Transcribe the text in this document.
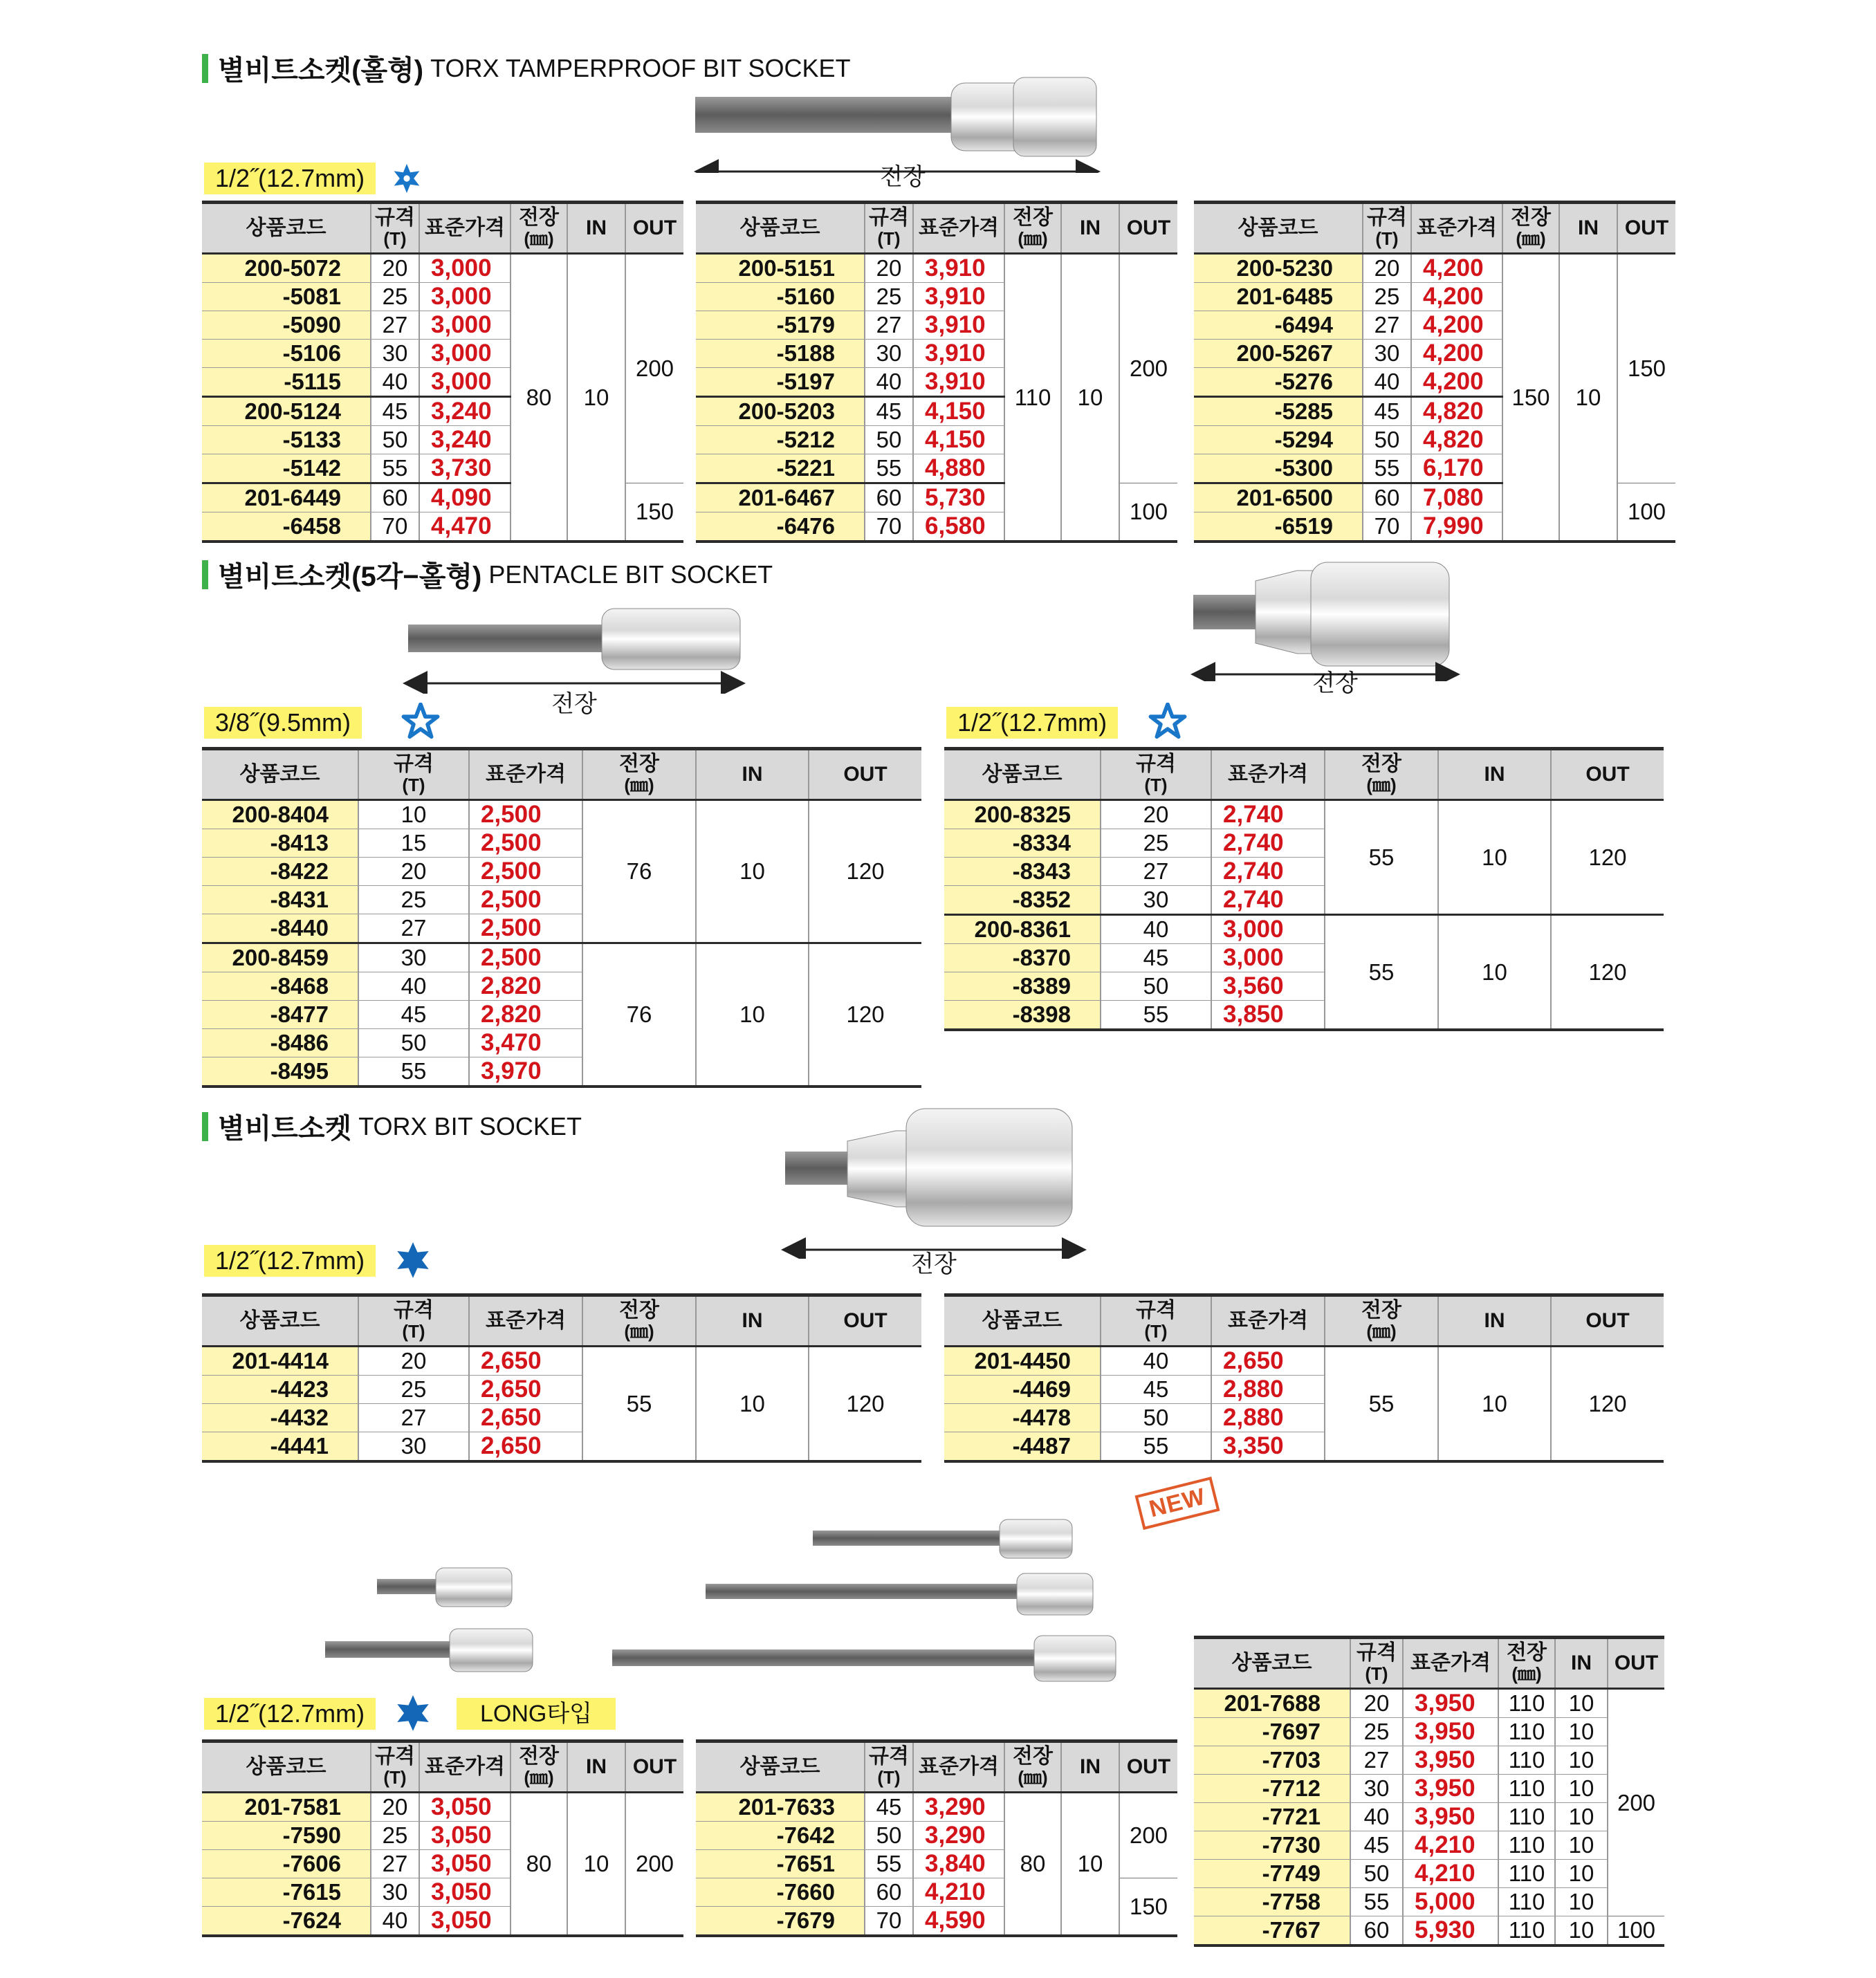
별비트소켓(홀형) TORX TAMPERPROOF BIT SOCKET
전장
1/2˝(12.7mm)
상품코드	규격
(T)	표준가격	전장
(㎜)	IN	OUT
200-5072	20	3,000	80	10	200
-5081	25	3,000			
-5090	27	3,000			
-5106	30	3,000			
-5115	40	3,000			
200-5124	45	3,240			
-5133	50	3,240			
-5142	55	3,730			
201-6449	60	4,090			150
-6458	70	4,470			
상품코드	규격
(T)	표준가격	전장
(㎜)	IN	OUT
200-5151	20	3,910	110	10	200
-5160	25	3,910			
-5179	27	3,910			
-5188	30	3,910			
-5197	40	3,910			
200-5203	45	4,150			
-5212	50	4,150			
-5221	55	4,880			
201-6467	60	5,730			100
-6476	70	6,580			
상품코드	규격
(T)	표준가격	전장
(㎜)	IN	OUT
200-5230	20	4,200	150	10	150
201-6485	25	4,200			
-6494	27	4,200			
200-5267	30	4,200			
-5276	40	4,200			
-5285	45	4,820			
-5294	50	4,820			
-5300	55	6,170			
201-6500	60	7,080			100
-6519	70	7,990			
별비트소켓(5각−홀형) PENTACLE BIT SOCKET
전장
전장
3/8˝(9.5mm)	1/2˝(12.7mm)
상품코드	규격
(T)	표준가격	전장
(㎜)	IN	OUT
200-8404	10	2,500	76	10	120
-8413	15	2,500			
-8422	20	2,500			
-8431	25	2,500			
-8440	27	2,500			
200-8459	30	2,500	76	10	120
-8468	40	2,820			
-8477	45	2,820			
-8486	50	3,470			
-8495	55	3,970			
상품코드	규격
(T)	표준가격	전장
(㎜)	IN	OUT
200-8325	20	2,740	55	10	120
-8334	25	2,740			
-8343	27	2,740			
-8352	30	2,740			
200-8361	40	3,000	55	10	120
-8370	45	3,000			
-8389	50	3,560			
-8398	55	3,850			
별비트소켓 TORX BIT SOCKET
전장
1/2˝(12.7mm)
상품코드	규격
(T)	표준가격	전장
(㎜)	IN	OUT
201-4414	20	2,650	55	10	120
-4423	25	2,650			
-4432	27	2,650			
-4441	30	2,650			
상품코드	규격
(T)	표준가격	전장
(㎜)	IN	OUT
201-4450	40	2,650	55	10	120
-4469	45	2,880			
-4478	50	2,880			
-4487	55	3,350			
NEW
1/2˝(12.7mm)	LONG타입
상품코드	규격
(T)	표준가격	전장
(㎜)	IN	OUT
201-7581	20	3,050	80	10	200
-7590	25	3,050			
-7606	27	3,050			
-7615	30	3,050			
-7624	40	3,050			
상품코드	규격
(T)	표준가격	전장
(㎜)	IN	OUT
201-7633	45	3,290	80	10	200
-7642	50	3,290			
-7651	55	3,840			
-7660	60	4,210			150
-7679	70	4,590			
상품코드	규격
(T)	표준가격	전장
(㎜)	IN	OUT
201-7688	20	3,950	110	10	200
-7697	25	3,950	110	10	
-7703	27	3,950	110	10	
-7712	30	3,950	110	10	
-7721	40	3,950	110	10	
-7730	45	4,210	110	10	
-7749	50	4,210	110	10	
-7758	55	5,000	110	10	
-7767	60	5,930	110	10	100
